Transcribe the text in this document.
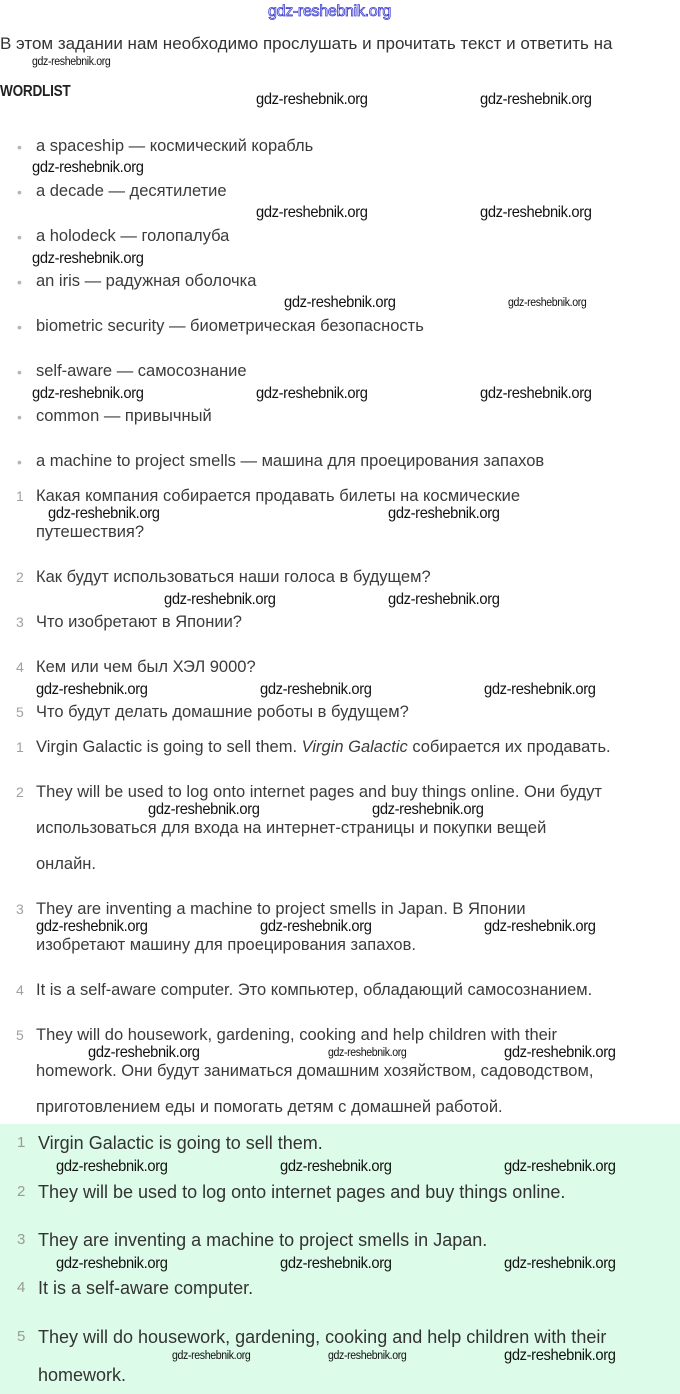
gdz-reshebnik.org
В этом задании нам необходимо прослушать и прочитать текст и ответить на
WORDLIST
• a spaceship — космический корабль
• a decade — десятилетие
• a holodeck — голопалуба
• an iris — радужная оболочка
• biometric security — биометрическая безопасность
• self-aware — самосознание
• common — привычный
• a machine to project smells — машина для проецирования запахов
1 Какая компания собирается продавать билеты на космические
путешествия?
2 Как будут использоваться наши голоса в будущем?
3 Что изобретают в Японии?
4 Кем или чем был ХЭЛ 9000?
5 Что будут делать домашние роботы в будущем?
1 Virgin Galactic is going to sell them. Virgin Galactic собирается их продавать.
2 They will be used to log onto internet pages and buy things online. Они будут
использоваться для входа на интернет-страницы и покупки вещей
онлайн.
3 They are inventing a machine to project smells in Japan. В Японии
изобретают машину для проецирования запахов.
4 It is a self-aware computer. Это компьютер, обладающий самосознанием.
5 They will do housework, gardening, cooking and help children with their
homework. Они будут заниматься домашним хозяйством, садоводством,
приготовлением еды и помогать детям с домашней работой.
1 Virgin Galactic is going to sell them.
2 They will be used to log onto internet pages and buy things online.
3 They are inventing a machine to project smells in Japan.
4 It is a self-aware computer.
5 They will do housework, gardening, cooking and help children with their
homework.
gdz-reshebnik.org
gdz-reshebnik.org	gdz-reshebnik.org
gdz-reshebnik.org
gdz-reshebnik.org	gdz-reshebnik.org
gdz-reshebnik.org
gdz-reshebnik.org	gdz-reshebnik.org
gdz-reshebnik.org	gdz-reshebnik.org	gdz-reshebnik.org
gdz-reshebnik.org	gdz-reshebnik.org
gdz-reshebnik.org	gdz-reshebnik.org
gdz-reshebnik.org	gdz-reshebnik.org	gdz-reshebnik.org
gdz-reshebnik.org	gdz-reshebnik.org
gdz-reshebnik.org	gdz-reshebnik.org	gdz-reshebnik.org
gdz-reshebnik.org	gdz-reshebnik.org	gdz-reshebnik.org
gdz-reshebnik.org
gdz-reshebnik.org	gdz-reshebnik.org
gdz-reshebnik.org	gdz-reshebnik.org	gdz-reshebnik.org
gdz-reshebnik.org	gdz-reshebnik.org	gdz-reshebnik.org
